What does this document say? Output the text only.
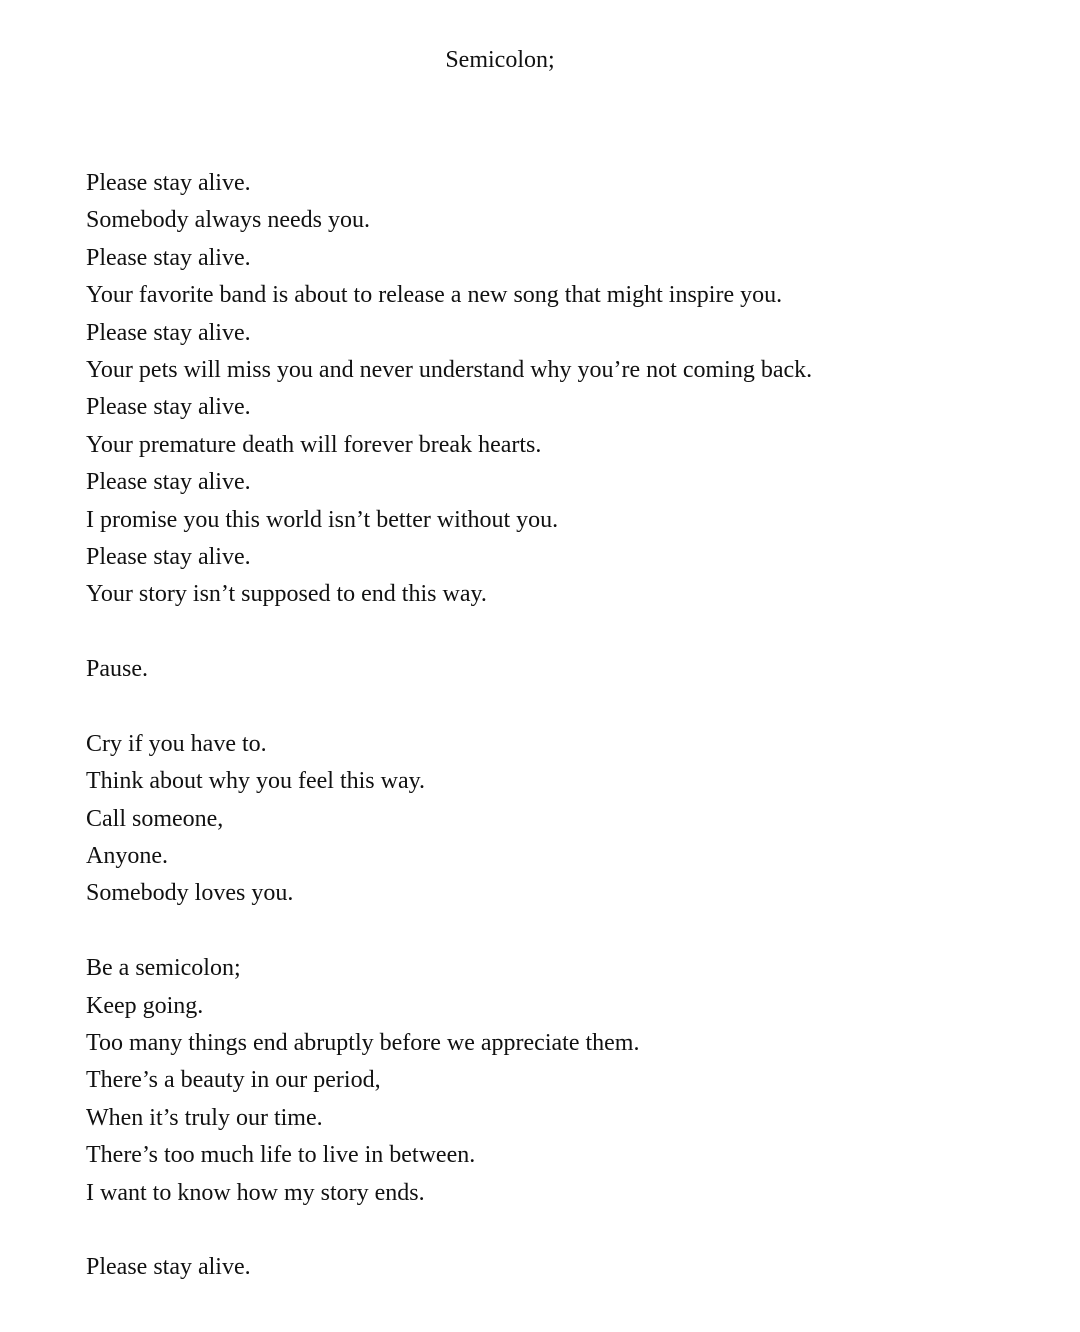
Semicolon;
Please stay alive.
Somebody always needs you.
Please stay alive.
Your favorite band is about to release a new song that might inspire you.
Please stay alive.
Your pets will miss you and never understand why you’re not coming back.
Please stay alive.
Your premature death will forever break hearts.
Please stay alive.
I promise you this world isn’t better without you.
Please stay alive.
Your story isn’t supposed to end this way.
Pause.
Cry if you have to.
Think about why you feel this way.
Call someone,
Anyone.
Somebody loves you.
Be a semicolon;
Keep going.
Too many things end abruptly before we appreciate them.
There’s a beauty in our period,
When it’s truly our time.
There’s too much life to live in between.
I want to know how my story ends.
Please stay alive.
